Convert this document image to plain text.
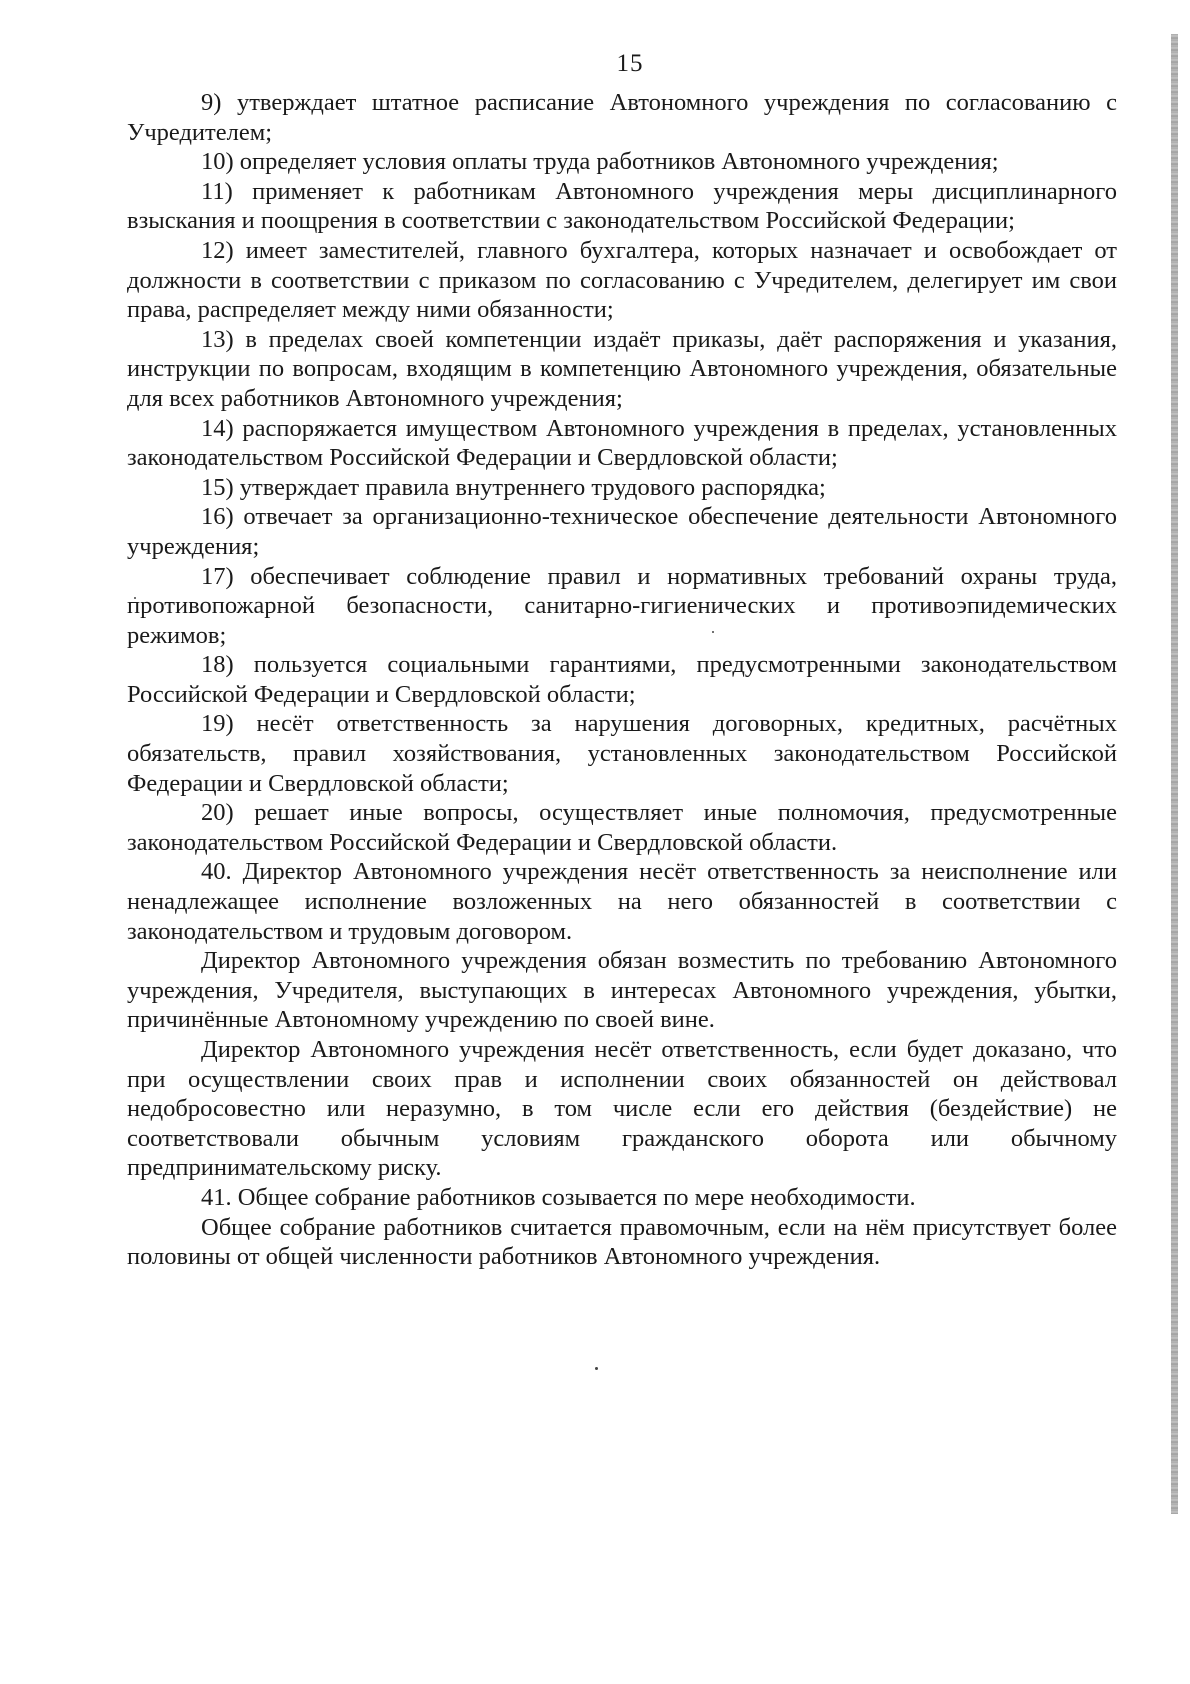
15

9) утверждает штатное расписание Автономного учреждения по согласованию с Учредителем;

10) определяет условия оплаты труда работников Автономного учреждения;

11) применяет к работникам Автономного учреждения меры дисциплинарного взыскания и поощрения в соответствии с законодательством Российской Федерации;

12) имеет заместителей, главного бухгалтера, которых назначает и освобождает от должности в соответствии с приказом по согласованию с Учредителем, делегирует им свои права, распределяет между ними обязанности;

13) в пределах своей компетенции издаёт приказы, даёт распоряжения и указания, инструкции по вопросам, входящим в компетенцию Автономного учреждения, обязательные для всех работников Автономного учреждения;

14) распоряжается имуществом Автономного учреждения в пределах, установленных законодательством Российской Федерации и Свердловской области;

15) утверждает правила внутреннего трудового распорядка;

16) отвечает за организационно-техническое обеспечение деятельности Автономного учреждения;

17) обеспечивает соблюдение правил и нормативных требований охраны труда, противопожарной безопасности, санитарно-гигиенических и противоэпидемических режимов;

18) пользуется социальными гарантиями, предусмотренными законодательством Российской Федерации и Свердловской области;

19) несёт ответственность за нарушения договорных, кредитных, расчётных обязательств, правил хозяйствования, установленных законодательством Российской Федерации и Свердловской области;

20) решает иные вопросы, осуществляет иные полномочия, предусмотренные законодательством Российской Федерации и Свердловской области.

40. Директор Автономного учреждения несёт ответственность за неисполнение или ненадлежащее исполнение возложенных на него обязанностей в соответствии с законодательством и трудовым договором.

Директор Автономного учреждения обязан возместить по требованию Автономного учреждения, Учредителя, выступающих в интересах Автономного учреждения, убытки, причинённые Автономному учреждению по своей вине.

Директор Автономного учреждения несёт ответственность, если будет доказано, что при осуществлении своих прав и исполнении своих обязанностей он действовал недобросовестно или неразумно, в том числе если его действия (бездействие) не соответствовали обычным условиям гражданского оборота или обычному предпринимательскому риску.

41. Общее собрание работников созывается по мере необходимости.

Общее собрание работников считается правомочным, если на нём присутствует более половины от общей численности работников Автономного учреждения.
